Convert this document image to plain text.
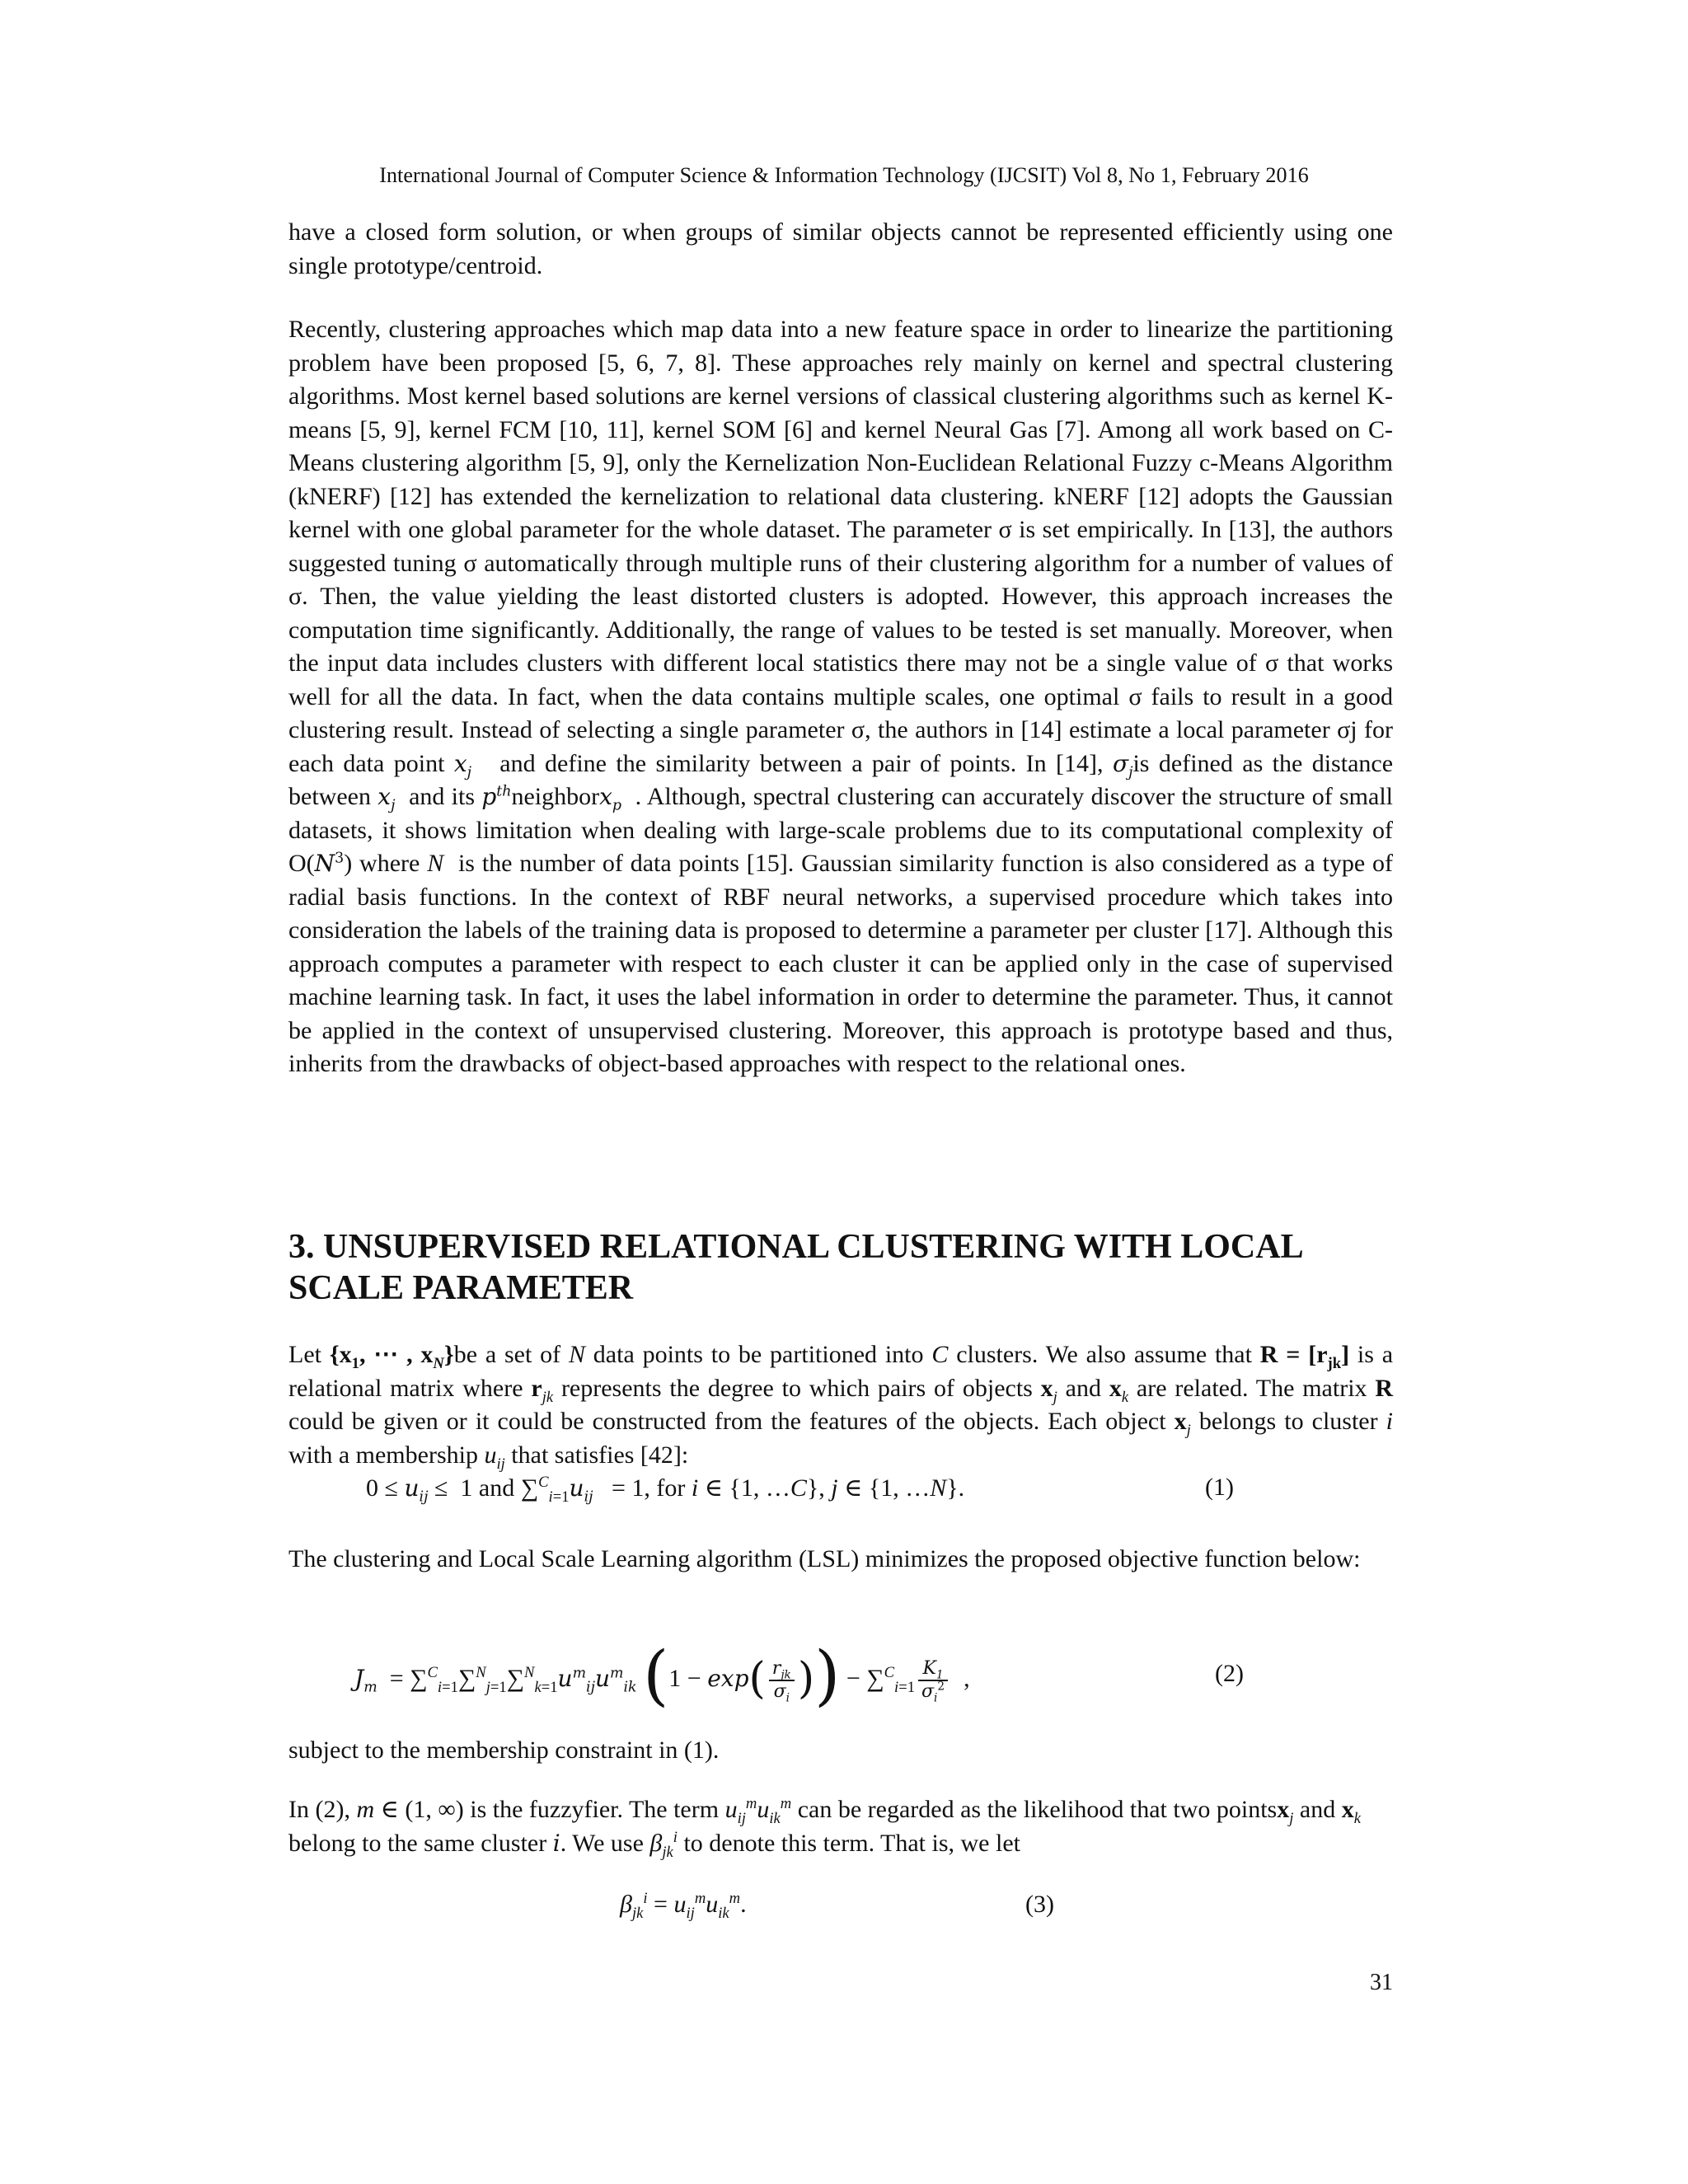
International Journal of Computer Science & Information Technology (IJCSIT) Vol 8, No 1, February 2016

have a closed form solution, or when groups of similar objects cannot be represented efficiently using one single prototype/centroid.

Recently, clustering approaches which map data into a new feature space in order to linearize the partitioning problem have been proposed [5, 6, 7, 8]. These approaches rely mainly on kernel and spectral clustering algorithms. Most kernel based solutions are kernel versions of classical clustering algorithms such as kernel K-means [5, 9], kernel FCM [10, 11], kernel SOM [6] and kernel Neural Gas [7]. Among all work based on C-Means clustering algorithm [5, 9], only the Kernelization Non-Euclidean Relational Fuzzy c-Means Algorithm (kNERF) [12] has extended the kernelization to relational data clustering. kNERF [12] adopts the Gaussian kernel with one global parameter for the whole dataset. The parameter σ is set empirically. In [13], the authors suggested tuning σ automatically through multiple runs of their clustering algorithm for a number of values of σ. Then, the value yielding the least distorted clusters is adopted. However, this approach increases the computation time significantly. Additionally, the range of values to be tested is set manually. Moreover, when the input data includes clusters with different local statistics there may not be a single value of σ that works well for all the data. In fact, when the data contains multiple scales, one optimal σ fails to result in a good clustering result. Instead of selecting a single parameter σ, the authors in [14] estimate a local parameter σj for each data point $x_j$ and define the similarity between a pair of points. In [14], $\sigma_jis$ defined as the distance between $x_j$ and its $p^{th}neighborx_p$ . Although, spectral clustering can accurately discover the structure of small datasets, it shows limitation when dealing with large-scale problems due to its computational complexity of $O(N^3)$ where N is the number of data points [15]. Gaussian similarity function is also considered as a type of radial basis functions. In the context of RBF neural networks, a supervised procedure which takes into consideration the labels of the training data is proposed to determine a parameter per cluster [17]. Although this approach computes a parameter with respect to each cluster it can be applied only in the case of supervised machine learning task. In fact, it uses the label information in order to determine the parameter. Thus, it cannot be applied in the context of unsupervised clustering. Moreover, this approach is prototype based and thus, inherits from the drawbacks of object-based approaches with respect to the relational ones.

3. UNSUPERVISED RELATIONAL CLUSTERING WITH LOCAL SCALE PARAMETER

Let {$x_1$, ⋯ , $x_N\}be$ a set of N data points to be partitioned into C clusters. We also assume that $R = [r_{jk}]$ is a relational matrix where $r_{jk}$ represents the degree to which pairs of objects $x_j$ and $x_k$ are related. The matrix R could be given or it could be constructed from the features of the objects. Each object $x_j$ belongs to cluster i with a membership $u_{ij}$ that satisfies [42]:

$0 \le u_{ij} \le 1$ and $\sum^C_{i=1}u_{ij} = 1$, for i ∈ {1, …C}, j ∈ {1, …N}.	(1)

The clustering and Local Scale Learning algorithm (LSL) minimizes the proposed objective function below:

$J_m = \sum^C_{i=1}\sum^N_{j=1}\sum^N_{k=1}u^m_{ij}u^m_{ik}$ ($1 - \exp( \frac{r_{jk}}{\sigma_i}$ )) − $\sum^C_{i=1} \frac{K_1}{\sigma_i^2}$ ,	(2)

subject to the membership constraint in (1).

In (2), m ∈ (1, ∞) is the fuzzyfier. The term $u_{ij}^mu_{ik}^m$ can be regarded as the likelihood that two pointsx$_j$ and $x_k$ belong to the same cluster i. We use $\beta_{jk}^i$ to denote this term. That is, we let

$\beta_{jk}^i = u_{ij}^mu_{ik}^m$.	(3)
31
